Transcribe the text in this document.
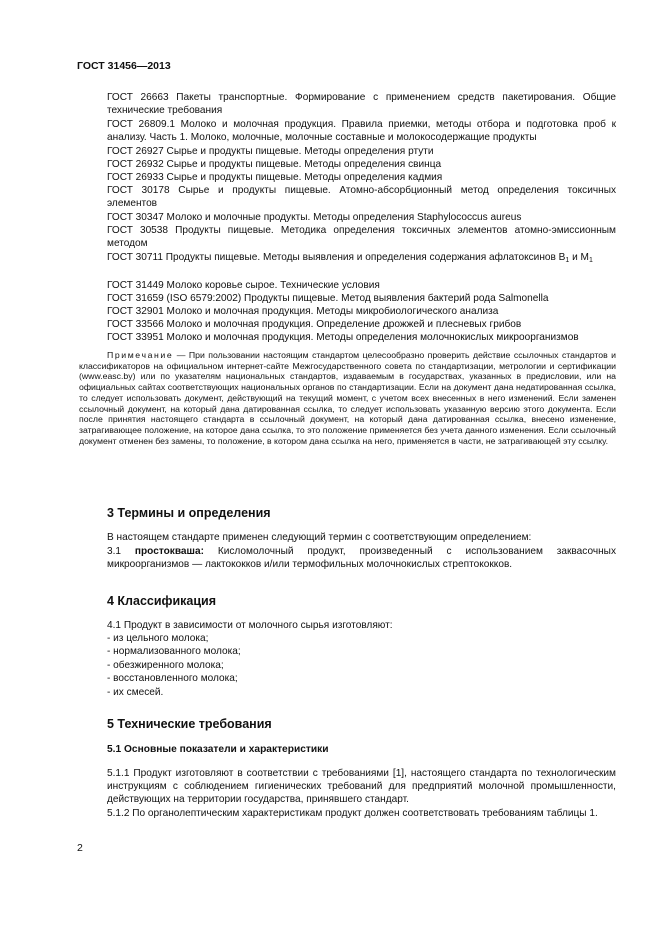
ГОСТ 31456—2013
ГОСТ 26663 Пакеты транспортные. Формирование с применением средств пакетирования. Общие технические требования
ГОСТ 26809.1 Молоко и молочная продукция. Правила приемки, методы отбора и подготовка проб к анализу. Часть 1. Молоко, молочные, молочные составные и молокосодержащие продукты
ГОСТ 26927 Сырье и продукты пищевые. Методы определения ртути
ГОСТ 26932 Сырье и продукты пищевые. Методы определения свинца
ГОСТ 26933 Сырье и продукты пищевые. Методы определения кадмия
ГОСТ 30178 Сырье и продукты пищевые. Атомно-абсорбционный метод определения токсичных элементов
ГОСТ 30347 Молоко и молочные продукты. Методы определения Staphylococcus aureus
ГОСТ 30538 Продукты пищевые. Методика определения токсичных элементов атомно-эмиссионным методом
ГОСТ 30711 Продукты пищевые. Методы выявления и определения содержания афлатоксинов $B_1$ и $M_1$
ГОСТ 31449 Молоко коровье сырое. Технические условия
ГОСТ 31659 (ISO 6579:2002) Продукты пищевые. Метод выявления бактерий рода Salmonella
ГОСТ 32901 Молоко и молочная продукция. Методы микробиологического анализа
ГОСТ 33566 Молоко и молочная продукция. Определение дрожжей и плесневых грибов
ГОСТ 33951 Молоко и молочная продукция. Методы определения молочнокислых микроорганизмов
Примечание — При пользовании настоящим стандартом целесообразно проверить действие ссылочных стандартов и классификаторов на официальном интернет-сайте Межгосударственного совета по стандартизации, метрологии и сертификации (www.easc.by) или по указателям национальных стандартов, издаваемым в государствах, указанных в предисловии, или на официальных сайтах соответствующих национальных органов по стандартизации. Если на документ дана недатированная ссылка, то следует использовать документ, действующий на текущий момент, с учетом всех внесенных в него изменений. Если заменен ссылочный документ, на который дана датированная ссылка, то следует использовать указанную версию этого документа. Если после принятия настоящего стандарта в ссылочный документ, на который дана датированная ссылка, внесено изменение, затрагивающее положение, на которое дана ссылка, то это положение применяется без учета данного изменения. Если ссылочный документ отменен без замены, то положение, в котором дана ссылка на него, применяется в части, не затрагивающей эту ссылку.
3 Термины и определения
В настоящем стандарте применен следующий термин с соответствующим определением:
3.1 простокваша: Кисломолочный продукт, произведенный с использованием заквасочных микроорганизмов — лактококков и/или термофильных молочнокислых стрептококков.
4 Классификация
4.1 Продукт в зависимости от молочного сырья изготовляют:
- из цельного молока;
- нормализованного молока;
- обезжиренного молока;
- восстановленного молока;
- их смесей.
5 Технические требования
5.1 Основные показатели и характеристики
5.1.1 Продукт изготовляют в соответствии с требованиями [1], настоящего стандарта по технологическим инструкциям с соблюдением гигиенических требований для предприятий молочной промышленности, действующих на территории государства, принявшего стандарт.
5.1.2 По органолептическим характеристикам продукт должен соответствовать требованиям таблицы 1.
2
